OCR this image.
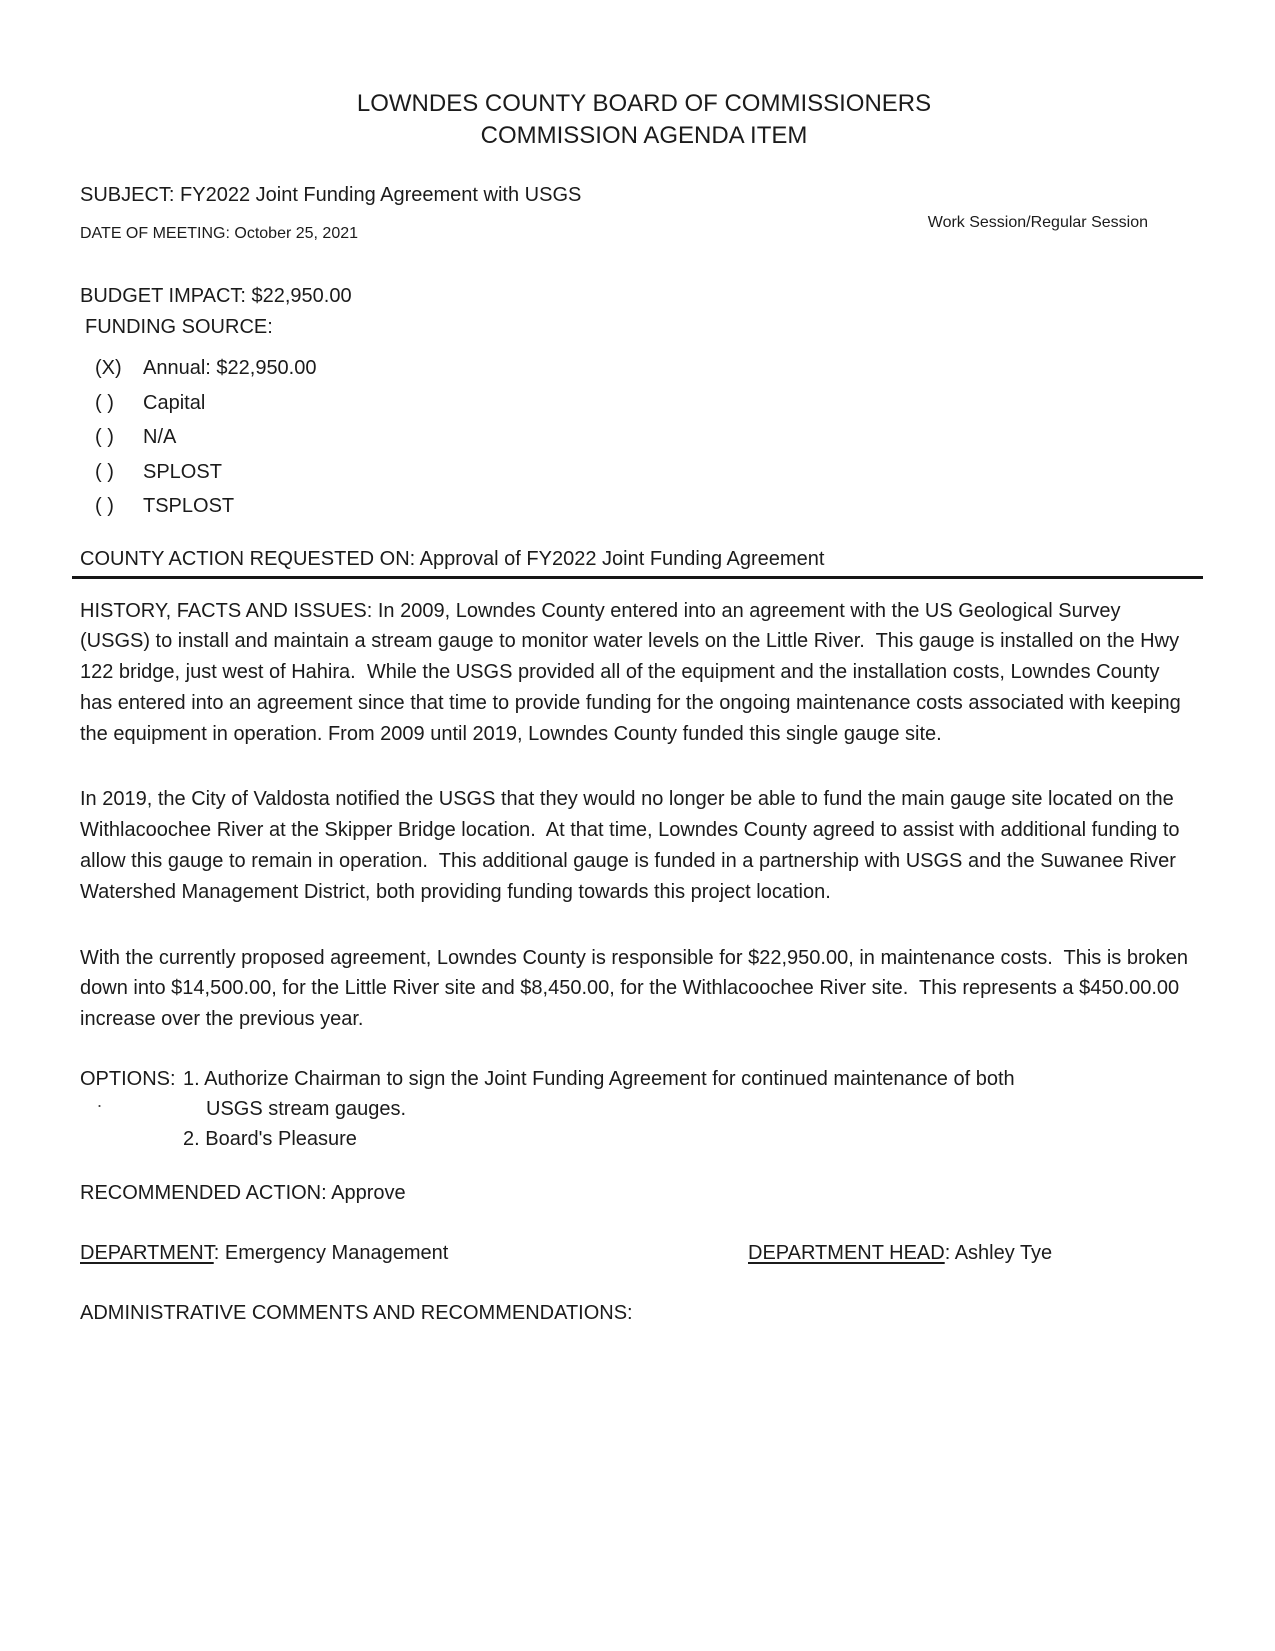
LOWNDES COUNTY BOARD OF COMMISSIONERS
COMMISSION AGENDA ITEM
SUBJECT: FY2022 Joint Funding Agreement with USGS
DATE OF MEETING: October 25, 2021
Work Session/Regular Session
BUDGET IMPACT: $22,950.00
FUNDING SOURCE:
(X)	Annual: $22,950.00
( )	Capital
( )	N/A
( )	SPLOST
( )	TSPLOST
COUNTY ACTION REQUESTED ON: Approval of FY2022 Joint Funding Agreement

HISTORY, FACTS AND ISSUES: In 2009, Lowndes County entered into an agreement with the US Geological Survey (USGS) to install and maintain a stream gauge to monitor water levels on the Little River.  This gauge is installed on the Hwy 122 bridge, just west of Hahira.  While the USGS provided all of the equipment and the installation costs, Lowndes County has entered into an agreement since that time to provide funding for the ongoing maintenance costs associated with keeping the equipment in operation. From 2009 until 2019, Lowndes County funded this single gauge site.

In 2019, the City of Valdosta notified the USGS that they would no longer be able to fund the main gauge site located on the Withlacoochee River at the Skipper Bridge location.  At that time, Lowndes County agreed to assist with additional funding to allow this gauge to remain in operation.  This additional gauge is funded in a partnership with USGS and the Suwanee River Watershed Management District, both providing funding towards this project location.

With the currently proposed agreement, Lowndes County is responsible for $22,950.00, in maintenance costs.  This is broken down into $14,500.00, for the Little River site and $8,450.00, for the Withlacoochee River site.  This represents a $450.00.00 increase over the previous year.

OPTIONS: 1. Authorize Chairman to sign the Joint Funding Agreement for continued maintenance of both
USGS stream gauges.
2. Board's Pleasure
RECOMMENDED ACTION: Approve
DEPARTMENT: Emergency Management	DEPARTMENT HEAD: Ashley Tye
ADMINISTRATIVE COMMENTS AND RECOMMENDATIONS:
.
